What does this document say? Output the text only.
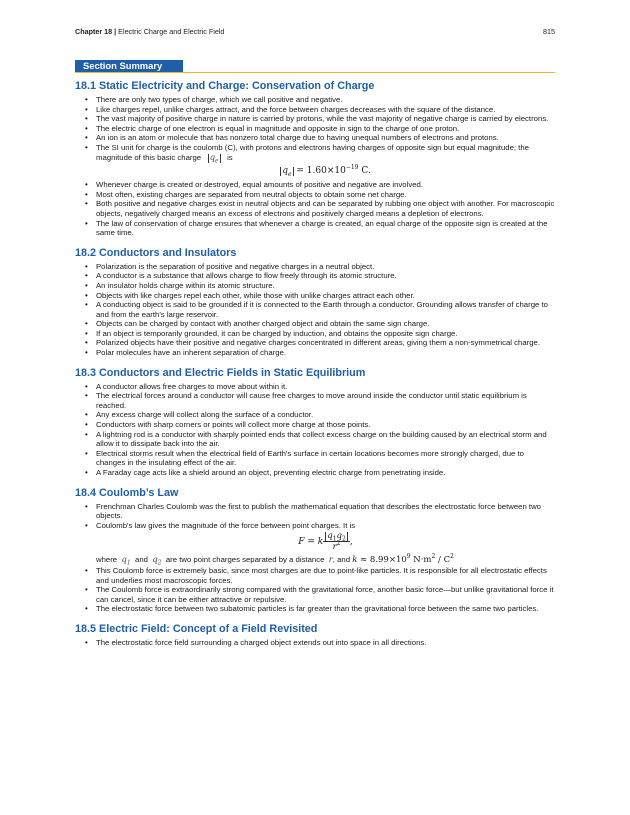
Chapter 18 | Electric Charge and Electric Field	815
Section Summary
18.1 Static Electricity and Charge: Conservation of Charge
• There are only two types of charge, which we call positive and negative.
• Like charges repel, unlike charges attract, and the force between charges decreases with the square of the distance.
• The vast majority of positive charge in nature is carried by protons, while the vast majority of negative charge is carried by electrons.
• The electric charge of one electron is equal in magnitude and opposite in sign to the charge of one proton.
• An ion is an atom or molecule that has nonzero total charge due to having unequal numbers of electrons and protons.
• The SI unit for charge is the coulomb (C), with protons and electrons having charges of opposite sign but equal magnitude; the magnitude of this basic charge $q_e$ is
$q_e = 1.60\times 10^{-19}$ C.
• Whenever charge is created or destroyed, equal amounts of positive and negative are involved.
• Most often, existing charges are separated from neutral objects to obtain some net charge.
• Both positive and negative charges exist in neutral objects and can be separated by rubbing one object with another. For macroscopic objects, negatively charged means an excess of electrons and positively charged means a depletion of electrons.
• The law of conservation of charge ensures that whenever a charge is created, an equal charge of the opposite sign is created at the same time.
18.2 Conductors and Insulators
• Polarization is the separation of positive and negative charges in a neutral object.
• A conductor is a substance that allows charge to flow freely through its atomic structure.
• An insulator holds charge within its atomic structure.
• Objects with like charges repel each other, while those with unlike charges attract each other.
• A conducting object is said to be grounded if it is connected to the Earth through a conductor. Grounding allows transfer of charge to and from the earth's large reservoir.
• Objects can be charged by contact with another charged object and obtain the same sign charge.
• If an object is temporarily grounded, it can be charged by induction, and obtains the opposite sign charge.
• Polarized objects have their positive and negative charges concentrated in different areas, giving them a non-symmetrical charge.
• Polar molecules have an inherent separation of charge.
18.3 Conductors and Electric Fields in Static Equilibrium
• A conductor allows free charges to move about within it.
• The electrical forces around a conductor will cause free charges to move around inside the conductor until static equilibrium is reached.
• Any excess charge will collect along the surface of a conductor.
• Conductors with sharp corners or points will collect more charge at those points.
• A lightning rod is a conductor with sharply pointed ends that collect excess charge on the building caused by an electrical storm and allow it to dissipate back into the air.
• Electrical storms result when the electrical field of Earth's surface in certain locations becomes more strongly charged, due to changes in the insulating effect of the air.
• A Faraday cage acts like a shield around an object, preventing electric charge from penetrating inside.
18.4 Coulomb’s Law
• Frenchman Charles Coulomb was the first to publish the mathematical equation that describes the electrostatic force between two objects.
• Coulomb's law gives the magnitude of the force between point charges. It is
F = k $\frac{q_1q_2}{r^2}$ ,
where $q_1$ and $q_2$ are two point charges separated by a distance r, and $k \approx 8.99\times 10^9$ $N\cdot m^2 / C^2$
• This Coulomb force is extremely basic, since most charges are due to point-like particles. It is responsible for all electrostatic effects and underlies most macroscopic forces.
• The Coulomb force is extraordinarily strong compared with the gravitational force, another basic force—but unlike gravitational force it can cancel, since it can be either attractive or repulsive.
• The electrostatic force between two subatomic particles is far greater than the gravitational force between the same two particles.
18.5 Electric Field: Concept of a Field Revisited
• The electrostatic force field surrounding a charged object extends out into space in all directions.
